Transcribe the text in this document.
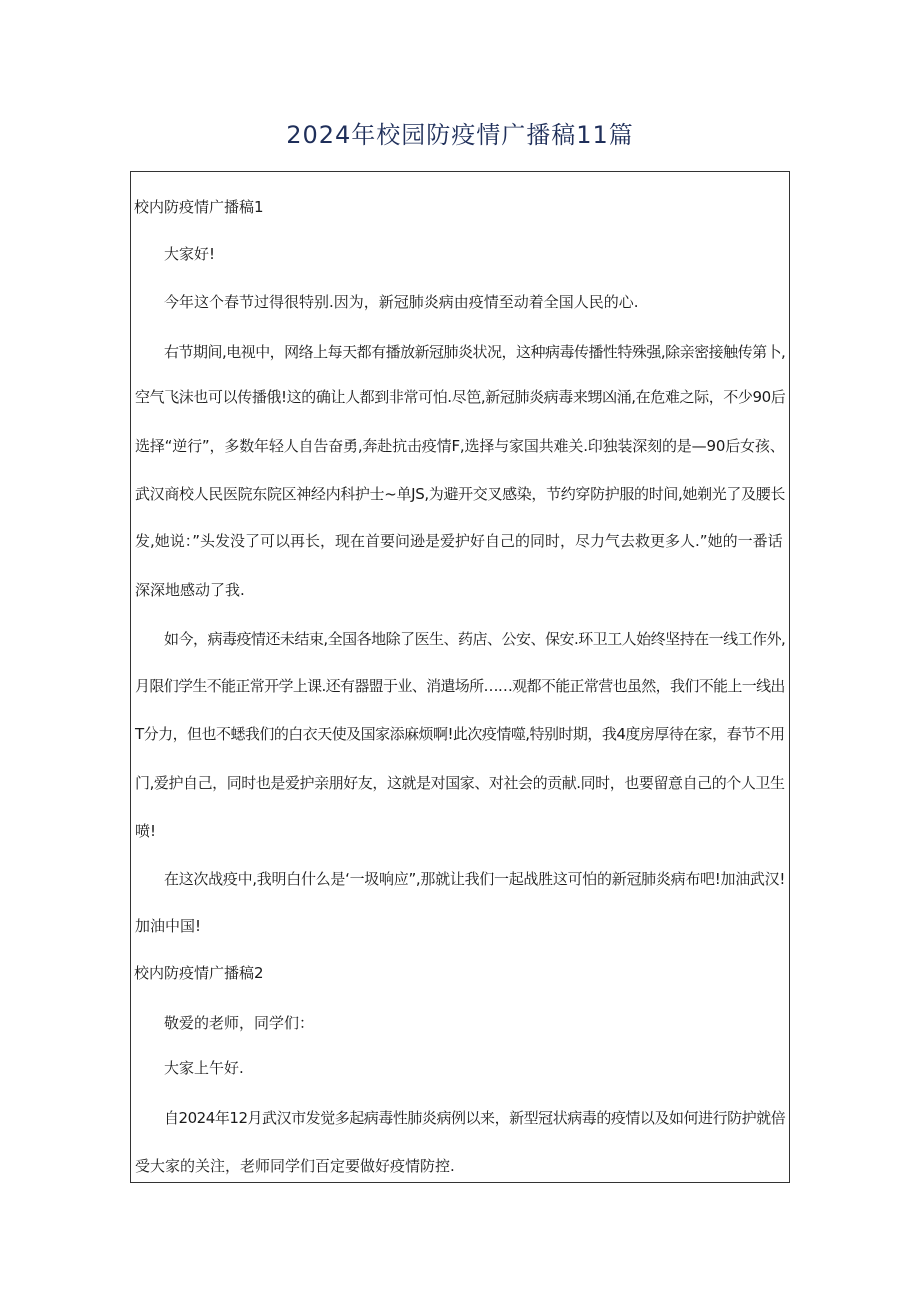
2024年校园防疫情广播稿11篇
校内防疫情广播稿1
大家好!
今年这个春节过得很特别.因为，新冠肺炎病由疫情至动着全国人民的心.
右节期间,电视中，网络上每天都有播放新冠肺炎状况，这种病毒传播性特殊强,除亲密接触传第卜,
空气飞沫也可以传播俄!这的确让人都到非常可怕.尽笆,新冠肺炎病毒来甥凶涌,在危难之际，不少90后
选择“逆行”，多数年轻人自告奋勇,奔赴抗击疫情F,选择与家国共难关.印独装深刻的是—90后女孩、
武汉商校人民医院东院区神经内科护士~单JS,为避开交叉感染，节约穿防护服的时间,她剃光了及腰长
发,她说：”头发没了可以再长，现在首要问逊是爱护好自己的同时，尽力气去救更多人.”她的一番话
深深地感动了我.
如今，病毒疫情还未结束,全国各地除了医生、药店、公安、保安.环卫工人始终坚持在一线工作外,
月限们学生不能正常开学上课.还有器盟于业、消遣场所……观都不能正常营也虽然，我们不能上一线出
T分力，但也不蟋我们的白衣天使及国家添麻烦啊!此次疫情噬,特别时期，我4度房厚待在家，春节不用
门,爱护自己，同时也是爱护亲朋好友，这就是对国家、对社会的贡献.同时，也要留意自己的个人卫生
喷!
在这次战疫中,我明白什么是‘一圾响应”,那就让我们一起战胜这可怕的新冠肺炎病布吧!加油武汉!
加油中国!
校内防疫情广播稿2
敬爱的老师，同学们：
大家上午好.
自2024年12月武汉市发觉多起病毒性肺炎病例以来，新型冠状病毒的疫情以及如何进行防护就倍
受大家的关注，老师同学们百定要做好疫情防控.
